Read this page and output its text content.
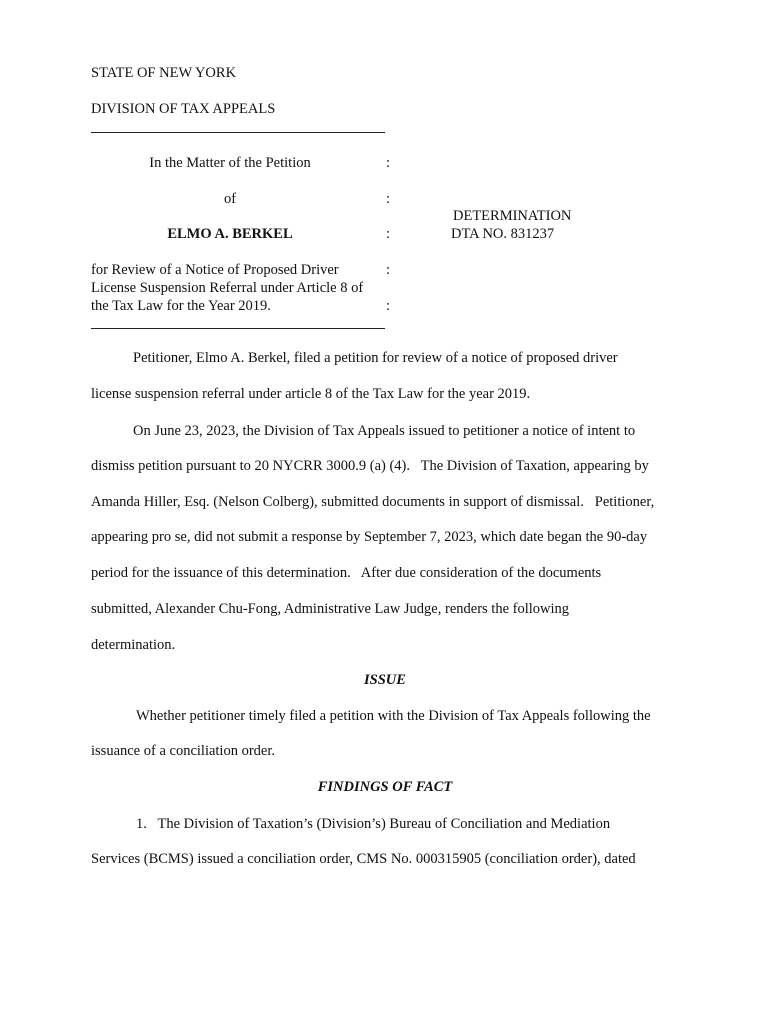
STATE OF NEW YORK
DIVISION OF TAX APPEALS
In the Matter of the Petition	:
of	:
ELMO A. BERKEL	:
for Review of a Notice of Proposed Driver	:
License Suspension Referral under Article 8 of
the Tax Law for the Year 2019.	:
DETERMINATION
DTA NO. 831237
Petitioner, Elmo A. Berkel, filed a petition for review of a notice of proposed driver
license suspension referral under article 8 of the Tax Law for the year 2019.
On June 23, 2023, the Division of Tax Appeals issued to petitioner a notice of intent to
dismiss petition pursuant to 20 NYCRR 3000.9 (a) (4).   The Division of Taxation, appearing by
Amanda Hiller, Esq. (Nelson Colberg), submitted documents in support of dismissal.   Petitioner,
appearing pro se, did not submit a response by September 7, 2023, which date began the 90-day
period for the issuance of this determination.   After due consideration of the documents
submitted, Alexander Chu-Fong, Administrative Law Judge, renders the following
determination.
ISSUE
Whether petitioner timely filed a petition with the Division of Tax Appeals following the
issuance of a conciliation order.
FINDINGS OF FACT
1.   The Division of Taxation’s (Division’s) Bureau of Conciliation and Mediation
Services (BCMS) issued a conciliation order, CMS No. 000315905 (conciliation order), dated
